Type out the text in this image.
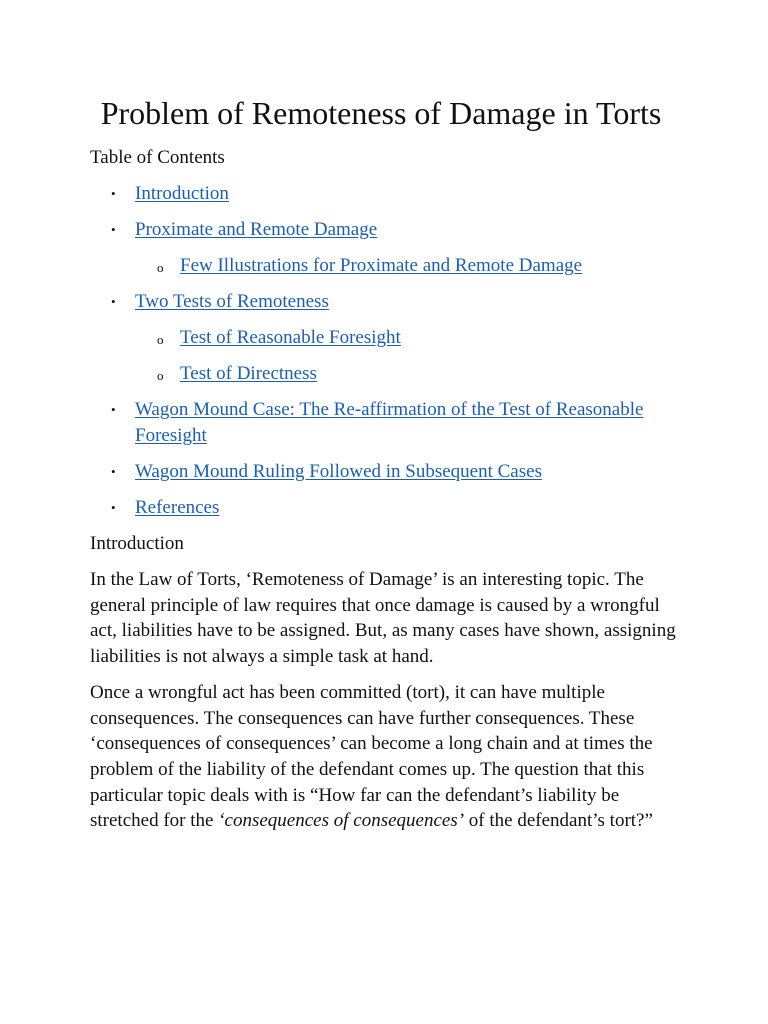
Problem of Remoteness of Damage in Torts
Table of Contents
• Introduction
• Proximate and Remote Damage
o Few Illustrations for Proximate and Remote Damage
• Two Tests of Remoteness
o Test of Reasonable Foresight
o Test of Directness
• Wagon Mound Case: The Re-affirmation of the Test of Reasonable Foresight
• Wagon Mound Ruling Followed in Subsequent Cases
• References
Introduction

In the Law of Torts, ‘Remoteness of Damage’ is an interesting topic. The general principle of law requires that once damage is caused by a wrongful act, liabilities have to be assigned. But, as many cases have shown, assigning liabilities is not always a simple task at hand.

Once a wrongful act has been committed (tort), it can have multiple consequences. The consequences can have further consequences. These ‘consequences of consequences’ can become a long chain and at times the problem of the liability of the defendant comes up. The question that this particular topic deals with is “How far can the defendant’s liability be stretched for the ‘consequences of consequences’ of the defendant’s tort?”
